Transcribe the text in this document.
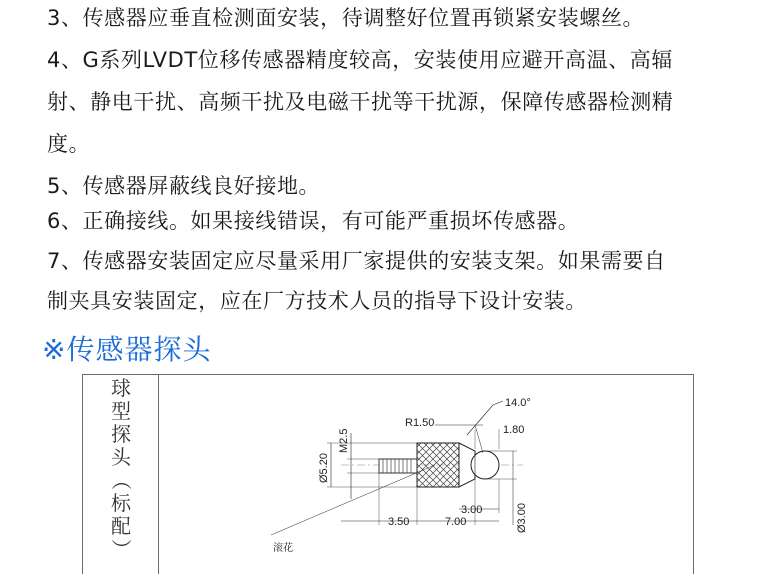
3、传感器应垂直检测面安装，待调整好位置再锁紧安装螺丝。
4、G系列LVDT位移传感器精度较高，安装使用应避开高温、高辐
射、静电干扰、高频干扰及电磁干扰等干扰源，保障传感器检测精
度。
5、传感器屏蔽线良好接地。
6、正确接线。如果接线错误，有可能严重损坏传感器。
7、传感器安装固定应尽量采用厂家提供的安装支架。如果需要自
制夹具安装固定，应在厂方技术人员的指导下设计安装。
※传感器探头
球
型
探
头
（
标
配
）
Ø5.20
M2.5
14.0°
R1.50
1.80
Ø3.00
3.50	7.00
3.00
滚花
